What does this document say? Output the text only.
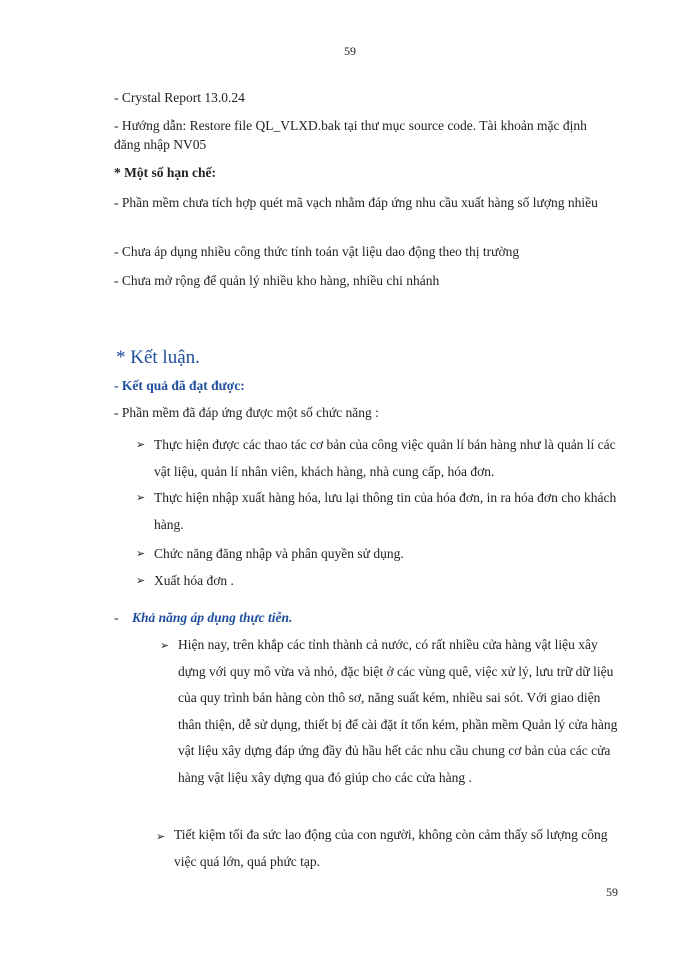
59
- Crystal Report 13.0.24
- Hướng dẫn: Restore file QL_VLXD.bak tại thư mục source code. Tài khoản mặc định đăng nhập NV05
* Một số hạn chế:
- Phần mềm chưa tích hợp quét mã vạch nhằm đáp ứng nhu cầu xuất hàng số lượng nhiều
- Chưa áp dụng nhiều công thức tính toán vật liệu dao động theo thị trường
- Chưa mở rộng để quản lý nhiều kho hàng, nhiều chi nhánh
* Kết luận.
- Kết quả đã đạt được:
- Phần mềm đã đáp ứng được một số chức năng :
➢ Thực hiện được các thao tác cơ bản của công việc quản lí bán hàng như là quản lí các vật liệu, quản lí nhân viên, khách hàng, nhà cung cấp, hóa đơn.
➢ Thực hiện nhập xuất hàng hóa, lưu lại thông tin của hóa đơn, in ra hóa đơn cho khách hàng.
➢ Chức năng đăng nhập và phân quyền sử dụng.
➢ Xuất hóa đơn .
- Khả năng áp dụng thực tiễn.
➢ Hiện nay, trên khắp các tỉnh thành cả nước, có rất nhiều cửa hàng vật liệu xây dựng với quy mô vừa và nhỏ, đặc biệt ở các vùng quê, việc xử lý, lưu trữ dữ liệu của quy trình bán hàng còn thô sơ, năng suất kém, nhiều sai sót. Với giao diện thân thiện, dễ sử dụng, thiết bị để cài đặt ít tốn kém, phần mềm Quản lý cửa hàng vật liệu xây dựng đáp ứng đầy đủ hầu hết các nhu cầu chung cơ bản của các cửa hàng vật liệu xây dựng qua đó giúp cho các cửa hàng .
➢ Tiết kiệm tối đa sức lao động của con người, không còn cảm thấy số lượng công việc quá lớn, quá phức tạp.
59
